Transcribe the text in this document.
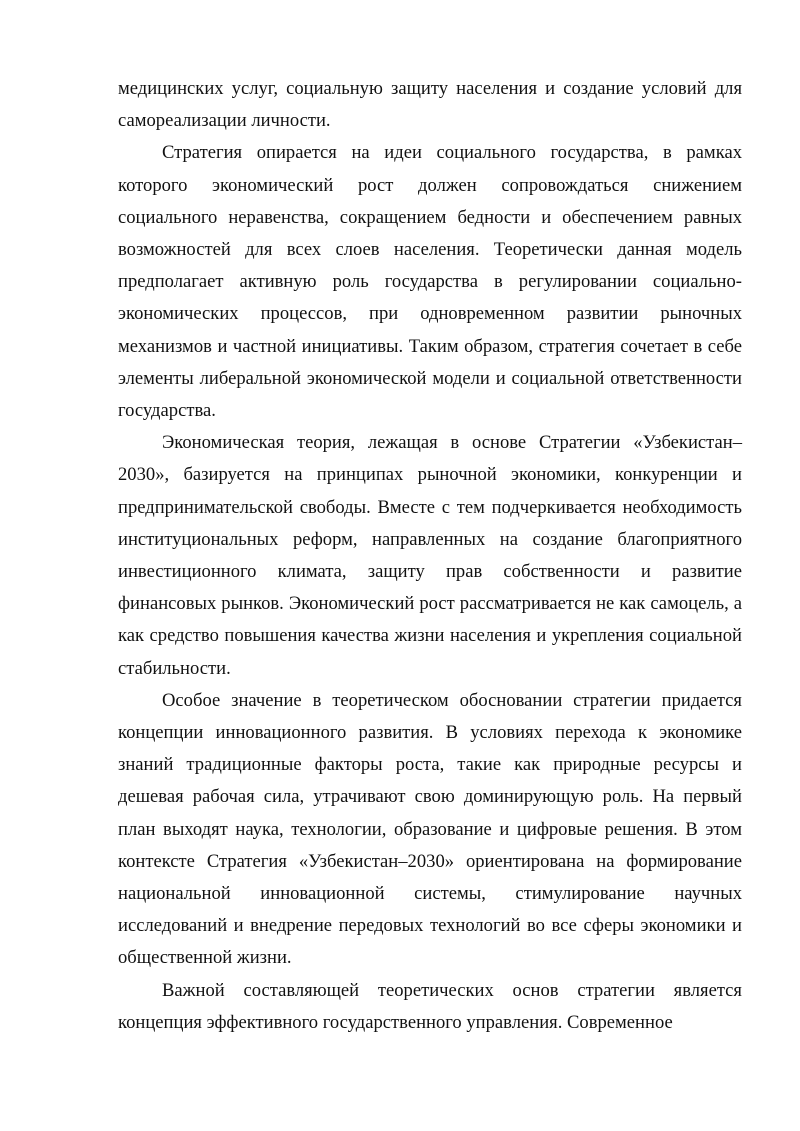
медицинских услуг, социальную защиту населения и создание условий для самореализации личности.

Стратегия опирается на идеи социального государства, в рамках которого экономический рост должен сопровождаться снижением социального неравенства, сокращением бедности и обеспечением равных возможностей для всех слоев населения. Теоретически данная модель предполагает активную роль государства в регулировании социально-экономических процессов, при одновременном развитии рыночных механизмов и частной инициативы. Таким образом, стратегия сочетает в себе элементы либеральной экономической модели и социальной ответственности государства.

Экономическая теория, лежащая в основе Стратегии «Узбекистан–2030», базируется на принципах рыночной экономики, конкуренции и предпринимательской свободы. Вместе с тем подчеркивается необходимость институциональных реформ, направленных на создание благоприятного инвестиционного климата, защиту прав собственности и развитие финансовых рынков. Экономический рост рассматривается не как самоцель, а как средство повышения качества жизни населения и укрепления социальной стабильности.

Особое значение в теоретическом обосновании стратегии придается концепции инновационного развития. В условиях перехода к экономике знаний традиционные факторы роста, такие как природные ресурсы и дешевая рабочая сила, утрачивают свою доминирующую роль. На первый план выходят наука, технологии, образование и цифровые решения. В этом контексте Стратегия «Узбекистан–2030» ориентирована на формирование национальной инновационной системы, стимулирование научных исследований и внедрение передовых технологий во все сферы экономики и общественной жизни.

Важной составляющей теоретических основ стратегии является концепция эффективного государственного управления. Современное
